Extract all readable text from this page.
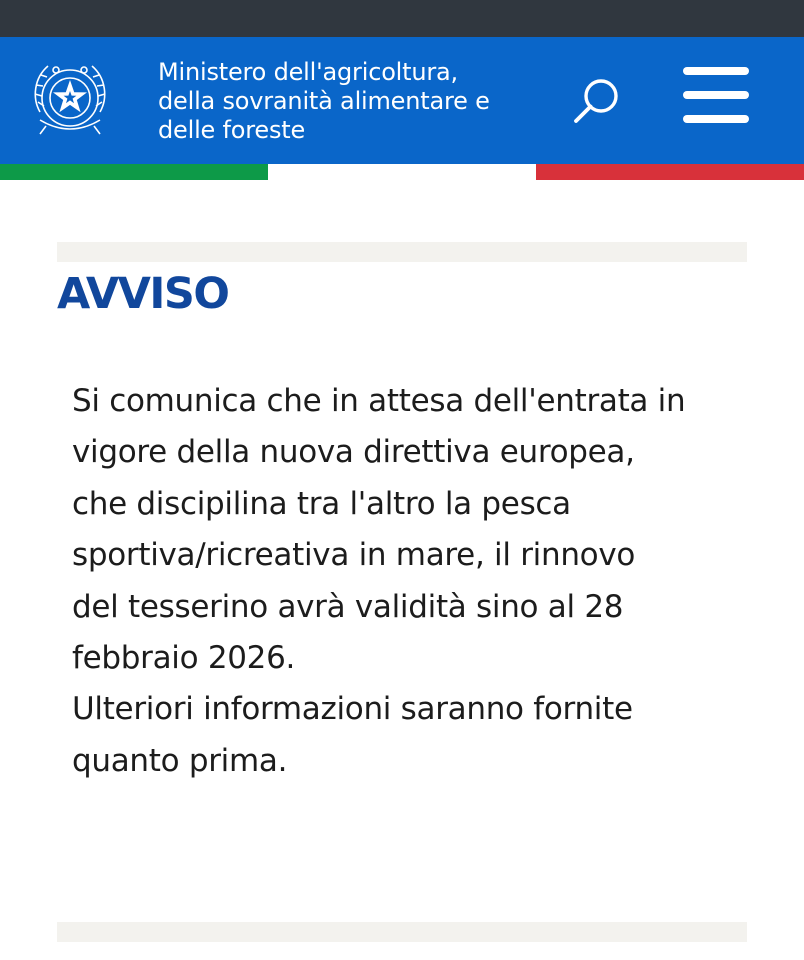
Ministero dell'agricoltura,
della sovranità alimentare e
delle foreste
AVVISO

Si comunica che in attesa dell'entrata in
vigore della nuova direttiva europea,
che discipilina tra l'altro la pesca
sportiva/ricreativa in mare, il rinnovo
del tesserino avrà validità sino al 28
febbraio 2026.
Ulteriori informazioni saranno fornite
quanto prima.
